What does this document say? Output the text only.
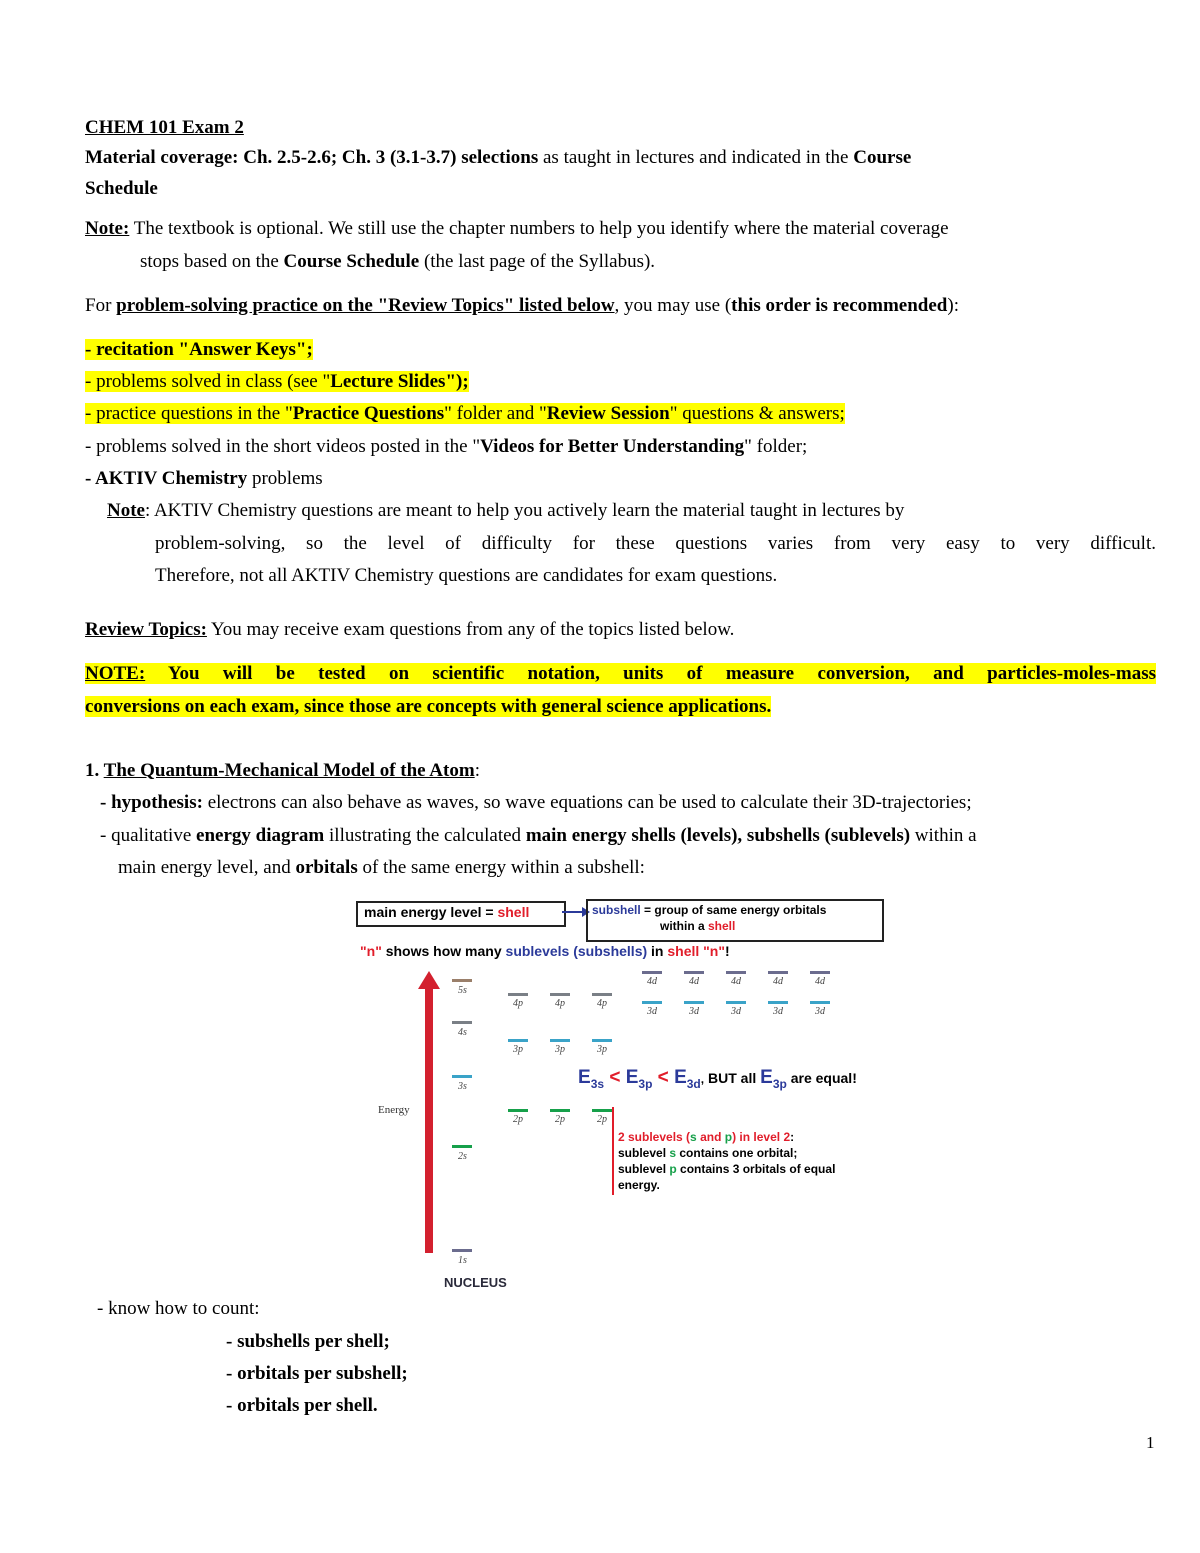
CHEM 101 Exam 2
Material coverage: Ch. 2.5-2.6; Ch. 3 (3.1-3.7) selections as taught in lectures and indicated in the Course
Schedule
Note: The textbook is optional. We still use the chapter numbers to help you identify where the material coverage
stops based on the Course Schedule (the last page of the Syllabus).
For problem-solving practice on the "Review Topics" listed below, you may use (this order is recommended):
- recitation "Answer Keys";
- problems solved in class (see "Lecture Slides");
- practice questions in the "Practice Questions" folder and "Review Session" questions & answers;
- problems solved in the short videos posted in the "Videos for Better Understanding" folder;
- AKTIV Chemistry problems
Note: AKTIV Chemistry questions are meant to help you actively learn the material taught in lectures by
problem-solving, so the level of difficulty for these questions varies from very easy to very difficult.
Therefore, not all AKTIV Chemistry questions are candidates for exam questions.
Review Topics: You may receive exam questions from any of the topics listed below.
NOTE: You will be tested on scientific notation, units of measure conversion, and particles-moles-mass
conversions on each exam, since those are concepts with general science applications.
1. The Quantum-Mechanical Model of the Atom:
- hypothesis: electrons can also behave as waves, so wave equations can be used to calculate their 3D-trajectories;
- qualitative energy diagram illustrating the calculated main energy shells (levels), subshells (sublevels) within a
main energy level, and orbitals of the same energy within a subshell:
main energy level = shell	subshell = group of same energy orbitals
within a shell
"n" shows how many sublevels (subshells) in shell "n"!
Energy
5s
4s
3s
2s
1s
4d	4d	4d	4d	4d
4p	4p	4p
3d	3d	3d	3d	3d
3p	3p	3p
2p	2p	2p
$E_{3s} < E_{3p} < E_{3d}$, BUT all $E_{3p}$ are equal!
2 sublevels (s and p) in level 2:
sublevel s contains one orbital;
sublevel p contains 3 orbitals of equal
energy.
NUCLEUS
- know how to count:
- subshells per shell;
- orbitals per subshell;
- orbitals per shell.
1
